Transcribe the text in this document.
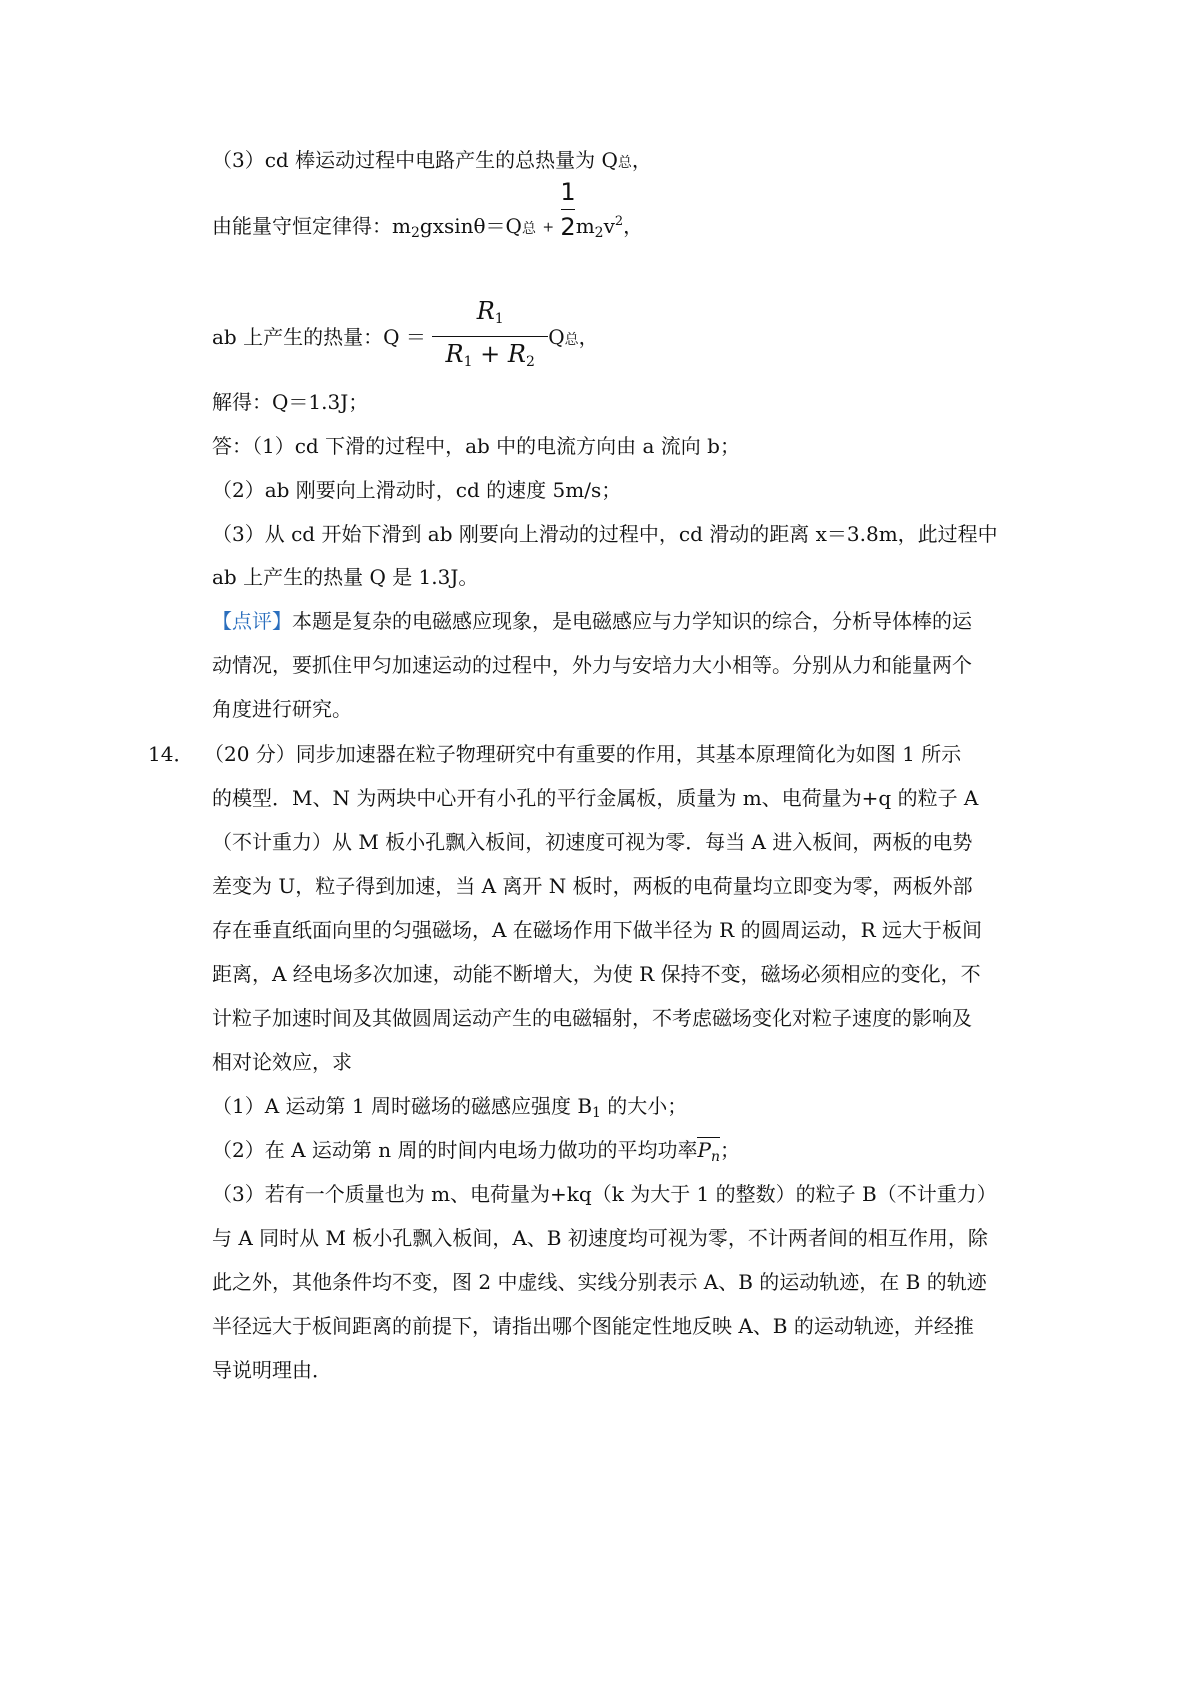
（3）cd 棒运动过程中电路产生的总热量为 Q总，
由能量守恒定律得：$m_2gxsin\theta=Q$总 + $\frac{1}{2} m_2v^2$，
ab 上产生的热量：$Q = \frac{R_1}{R_1 + R_2}$ Q总，
解得：Q＝1.3J；
答：（1）cd 下滑的过程中，ab 中的电流方向由 a 流向 b；
（2）ab 刚要向上滑动时，cd 的速度 5m/s；
（3）从 cd 开始下滑到 ab 刚要向上滑动的过程中，cd 滑动的距离 x＝3.8m，此过程中
ab 上产生的热量 Q 是 1.3J。
【点评】本题是复杂的电磁感应现象，是电磁感应与力学知识的综合，分析导体棒的运
动情况，要抓住甲匀加速运动的过程中，外力与安培力大小相等。分别从力和能量两个
角度进行研究。
14． （20 分）同步加速器在粒子物理研究中有重要的作用，其基本原理简化为如图 1 所示
的模型．M、N 为两块中心开有小孔的平行金属板，质量为 m、电荷量为+q 的粒子 A
（不计重力）从 M 板小孔飘入板间，初速度可视为零．每当 A 进入板间，两板的电势
差变为 U，粒子得到加速，当 A 离开 N 板时，两板的电荷量均立即变为零，两板外部
存在垂直纸面向里的匀强磁场，A 在磁场作用下做半径为 R 的圆周运动，R 远大于板间
距离，A 经电场多次加速，动能不断增大，为使 R 保持不变，磁场必须相应的变化，不
计粒子加速时间及其做圆周运动产生的电磁辐射，不考虑磁场变化对粒子速度的影响及
相对论效应，求
（1）A 运动第 1 周时磁场的磁感应强度 $B_1$ 的大小；
（2）在 A 运动第 n 周的时间内电场力做功的平均功率$P_n$；
（3）若有一个质量也为 m、电荷量为+kq（k 为大于 1 的整数）的粒子 B（不计重力）
与 A 同时从 M 板小孔飘入板间，A、B 初速度均可视为零，不计两者间的相互作用，除
此之外，其他条件均不变，图 2 中虚线、实线分别表示 A、B 的运动轨迹，在 B 的轨迹
半径远大于板间距离的前提下，请指出哪个图能定性地反映 A、B 的运动轨迹，并经推
导说明理由．
